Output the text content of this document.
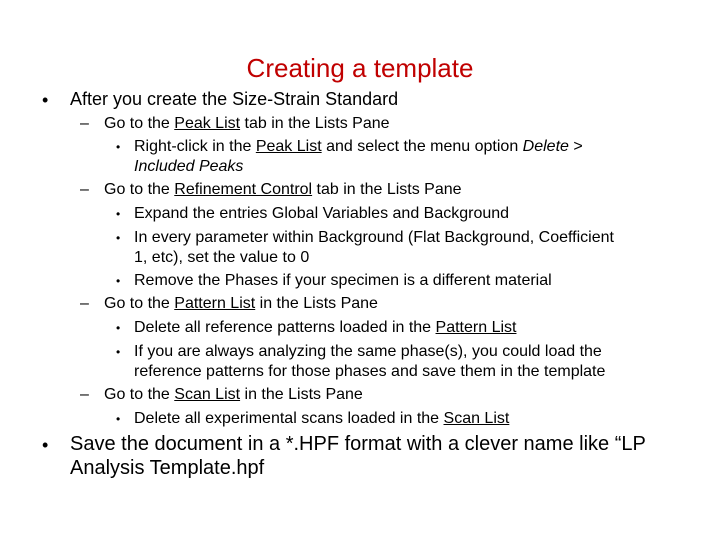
Creating a template
• After you create the Size-Strain Standard
– Go to the Peak List tab in the Lists Pane
• Right-click in the Peak List and select the menu option Delete >
Included Peaks
– Go to the Refinement Control tab in the Lists Pane
• Expand the entries Global Variables and Background
• In every parameter within Background (Flat Background, Coefficient
1, etc), set the value to 0
• Remove the Phases if your specimen is a different material
– Go to the Pattern List in the Lists Pane
• Delete all reference patterns loaded in the Pattern List
• If you are always analyzing the same phase(s), you could load the
reference patterns for those phases and save them in the template
– Go to the Scan List in the Lists Pane
• Delete all experimental scans loaded in the Scan List
• Save the document in a *.HPF format with a clever name like “LP
Analysis Template.hpf
